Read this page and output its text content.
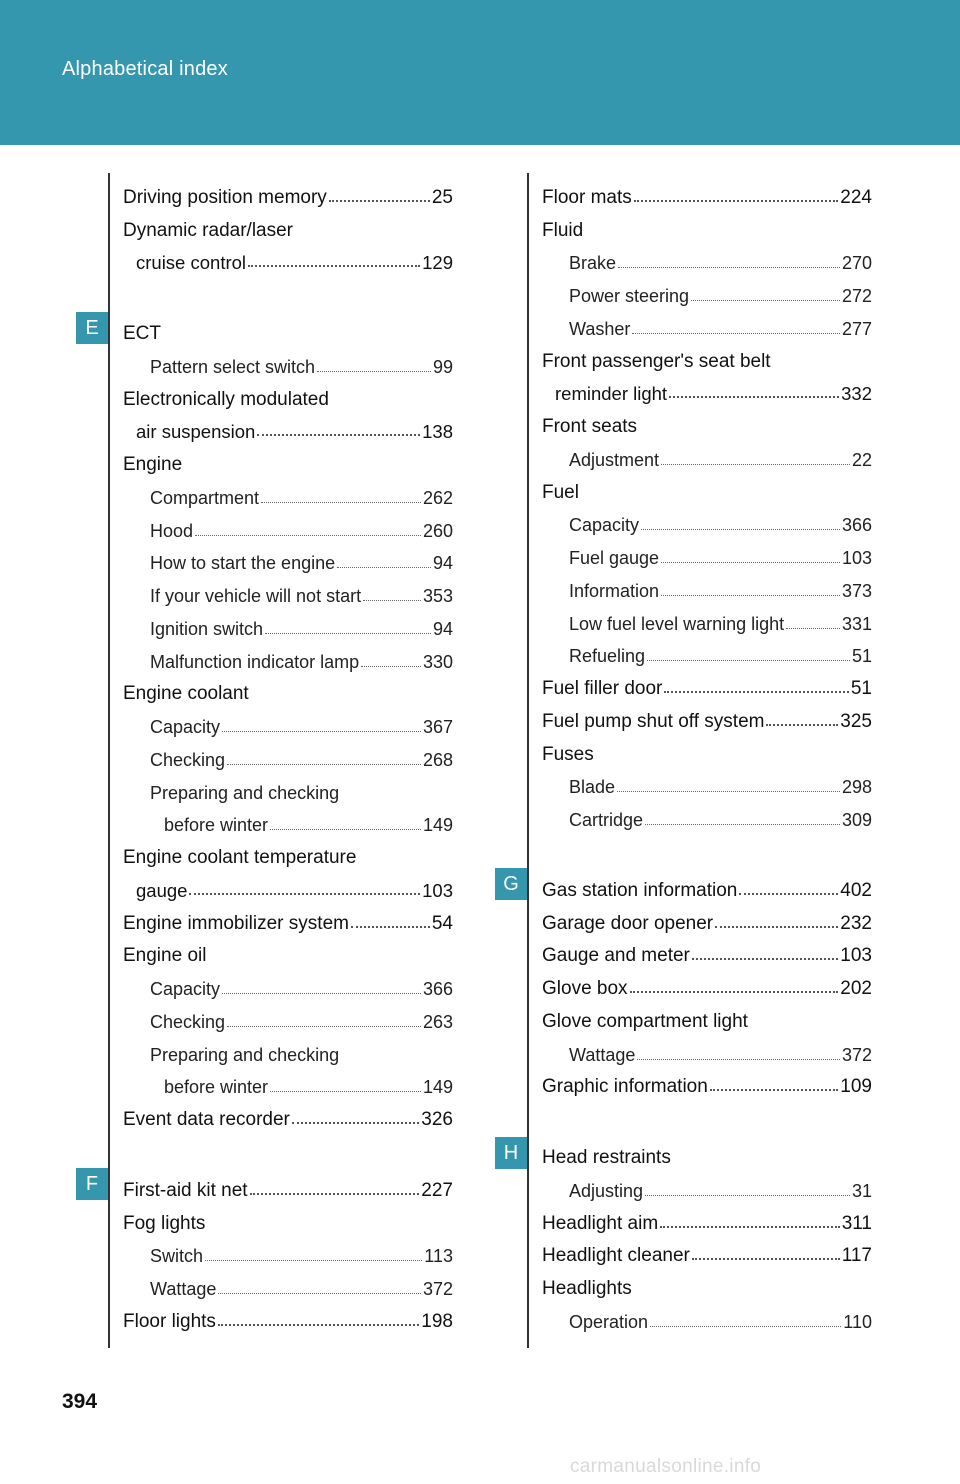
Alphabetical index
E
F
G
H
Driving position memory	25
Dynamic radar/laser
cruise control	129
ECT
Pattern select switch	99
Electronically modulated
air suspension	138
Engine
Compartment	262
Hood	260
How to start the engine	94
If your vehicle will not start	353
Ignition switch	94
Malfunction indicator lamp	330
Engine coolant
Capacity	367
Checking	268
Preparing and checking
before winter	149
Engine coolant temperature
gauge	103
Engine immobilizer system	54
Engine oil
Capacity	366
Checking	263
Preparing and checking
before winter	149
Event data recorder	326
First-aid kit net	227
Fog lights
Switch	113
Wattage	372
Floor lights	198
Floor mats	224
Fluid
Brake	270
Power steering	272
Washer	277
Front passenger's seat belt
reminder light	332
Front seats
Adjustment	22
Fuel
Capacity	366
Fuel gauge	103
Information	373
Low fuel level warning light	331
Refueling	51
Fuel filler door	51
Fuel pump shut off system	325
Fuses
Blade	298
Cartridge	309
Gas station information	402
Garage door opener	232
Gauge and meter	103
Glove box	202
Glove compartment light
Wattage	372
Graphic information	109
Head restraints
Adjusting	31
Headlight aim	311
Headlight cleaner	117
Headlights
Operation	110
394
carmanualsonline.info
